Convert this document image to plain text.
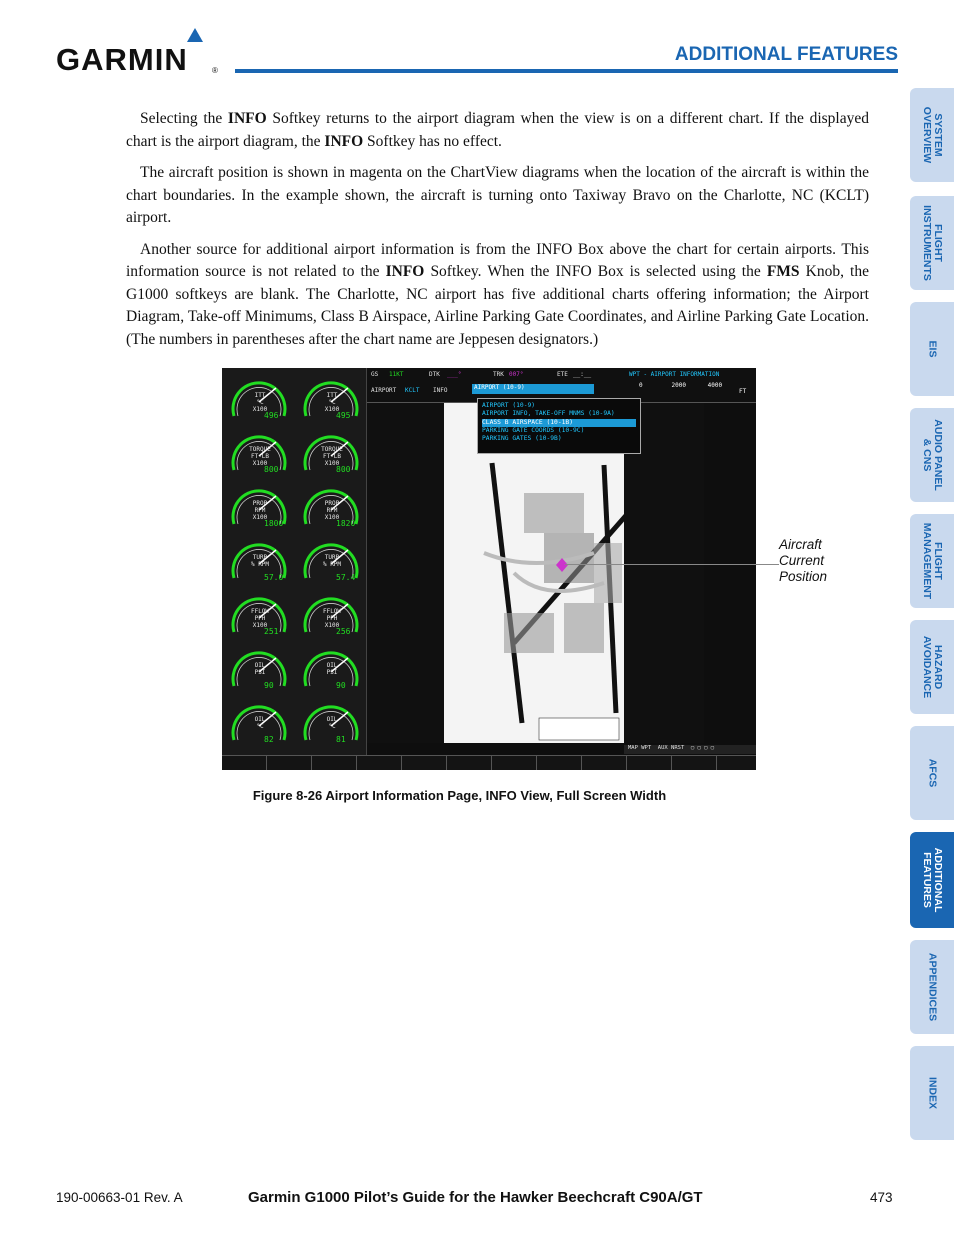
GARMIN	®
ADDITIONAL FEATURES

Selecting the INFO Softkey returns to the airport diagram when the view is on a different chart. If the displayed chart is the airport diagram, the INFO Softkey has no effect.

The aircraft position is shown in magenta on the ChartView diagrams when the location of the aircraft is within the chart boundaries. In the example shown, the aircraft is turning onto Taxiway Bravo on the Charlotte, NC (KCLT) airport.

Another source for additional airport information is from the INFO Box above the chart for certain airports. This information source is not related to the INFO Softkey. When the INFO Box is selected using the FMS Knob, the G1000 softkeys are blank. The Charlotte, NC airport has five additional charts offering information; the Airport Diagram, Take-off Minimums, Class B Airspace, Airline Parking Gate Coordinates, and Airline Parking Gate Location. (The numbers in parentheses after the chart name are Jeppesen designators.)

SYSTEM
OVERVIEW
FLIGHT
INSTRUMENTS
EIS
AUDIO PANEL
& CNS
FLIGHT
MANAGEMENT
HAZARD
AVOIDANCE
AFCS
ADDITIONAL
FEATURES
APPENDICES
INDEX
ITT
°C
X100
496
ITT
°C
X100
495
TORQUE
FT-LB
X100
800
TORQUE
FT-LB
X100
800
PROP
RPM
X100
1800
PROP
RPM
X100
1820
TURB
% RPM
57.0
TURB
% RPM
57.4
FFLOW
PPH
X100
251
FFLOW
PPH
X100
256
OIL
PSI
90
OIL
PSI
90
OIL
°C
82
OIL
°C
81
GS 11KT	DTK ___°	TRK 007°	ETE __:__
AIRPORT KCLT INFO	AIRPORT (10-9)
WPT - AIRPORT INFORMATION
0        2000      4000
FT
AIRPORT (10-9)
AIRPORT INFO, TAKE-OFF MNMS (10-9A)
CLASS B AIRSPACE (10-1B)
PARKING GATE COORDS (10-9C)
PARKING GATES (10-9B)
MAP WPT  AUX NRST  ▢ ▢ ▢ ▢
Aircraft
Current
Position
Figure 8-26 Airport Information Page, INFO View, Full Screen Width
190-00663-01 Rev. A	Garmin G1000 Pilot’s Guide for the Hawker Beechcraft C90A/GT	473
